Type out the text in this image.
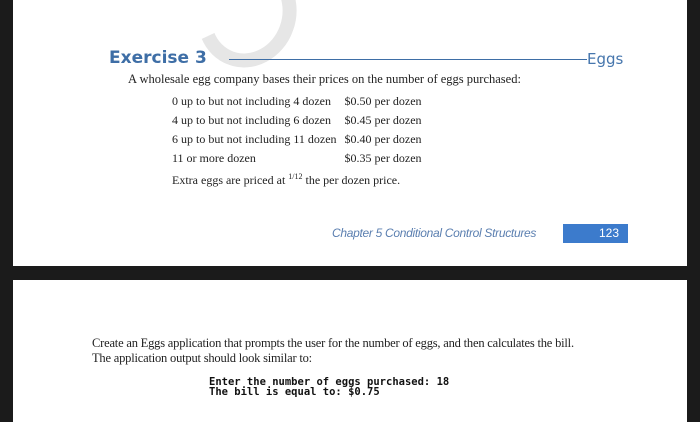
Exercise 3	Eggs
A wholesale egg company bases their prices on the number of eggs purchased:
0 up to but not including 4 dozen	$0.50 per dozen
4 up to but not including 6 dozen	$0.45 per dozen
6 up to but not including 11 dozen	$0.40 per dozen
11 or more dozen	$0.35 per dozen
Extra eggs are priced at $^{1/12}$ the per dozen price.
Chapter 5 Conditional Control Structures	123
Create an Eggs application that prompts the user for the number of eggs, and then calculates the bill.
The application output should look similar to:
Enter the number of eggs purchased: 18
The bill is equal to: $0.75
